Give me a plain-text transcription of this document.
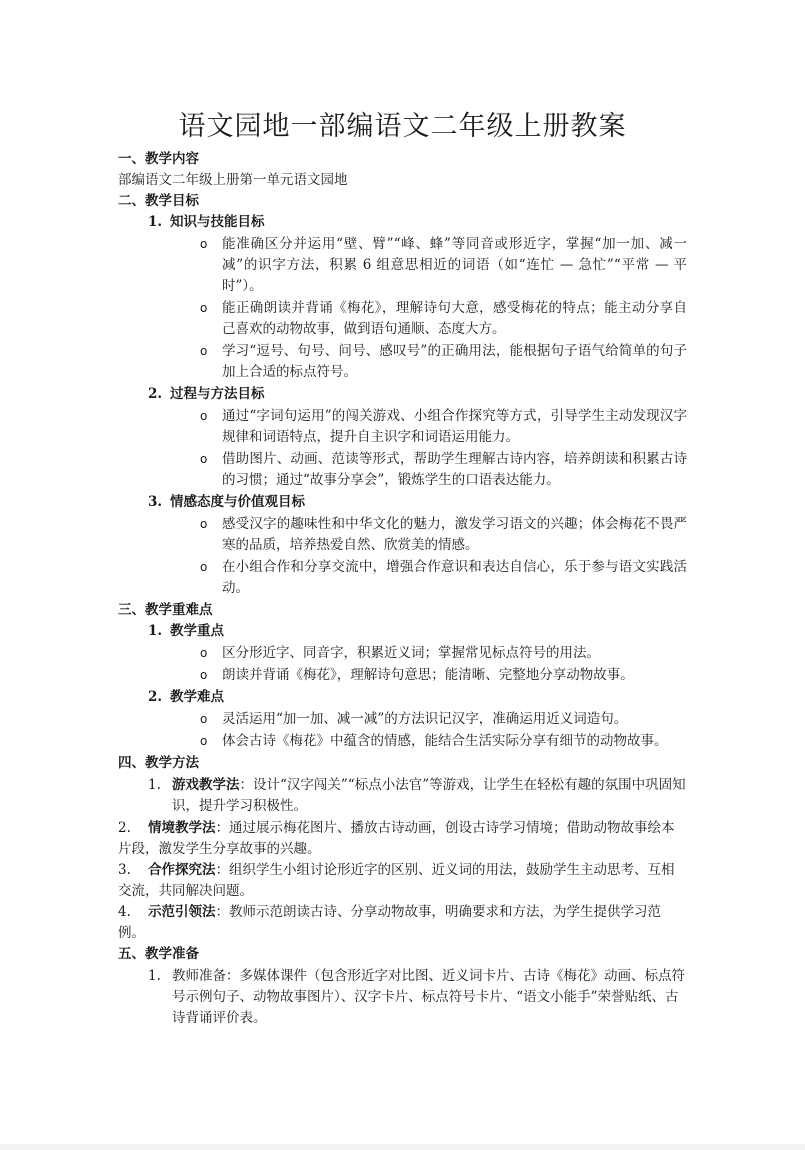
语文园地一部编语文二年级上册教案

一、教学内容

部编语文二年级上册第一单元语文园地

二、教学目标

1. 知识与技能目标
o 能准确区分并运用“壁、臂”“峰、蜂”等同音或形近字，掌握“加一加、减一减”的识字方法，积累 6 组意思相近的词语（如“连忙 — 急忙”“平常 — 平时”）。
o 能正确朗读并背诵《梅花》，理解诗句大意，感受梅花的特点；能主动分享自己喜欢的动物故事，做到语句通顺、态度大方。
o 学习“逗号、句号、问号、感叹号”的正确用法，能根据句子语气给简单的句子加上合适的标点符号。
2. 过程与方法目标
o 通过“字词句运用”的闯关游戏、小组合作探究等方式，引导学生主动发现汉字规律和词语特点，提升自主识字和词语运用能力。
o 借助图片、动画、范读等形式，帮助学生理解古诗内容，培养朗读和积累古诗的习惯；通过“故事分享会”，锻炼学生的口语表达能力。
3. 情感态度与价值观目标
o 感受汉字的趣味性和中华文化的魅力，激发学习语文的兴趣；体会梅花不畏严寒的品质，培养热爱自然、欣赏美的情感。
o 在小组合作和分享交流中，增强合作意识和表达自信心，乐于参与语文实践活动。

三、教学重难点

1. 教学重点
o 区分形近字、同音字，积累近义词；掌握常见标点符号的用法。
o 朗读并背诵《梅花》，理解诗句意思；能清晰、完整地分享动物故事。
2. 教学难点
o 灵活运用“加一加、减一减”的方法识记汉字，准确运用近义词造句。
o 体会古诗《梅花》中蕴含的情感，能结合生活实际分享有细节的动物故事。

四、教学方法

1. 游戏教学法：设计“汉字闯关”“标点小法官”等游戏，让学生在轻松有趣的氛围中巩固知识，提升学习积极性。

2. 情境教学法：通过展示梅花图片、播放古诗动画，创设古诗学习情境；借助动物故事绘本片段，激发学生分享故事的兴趣。

3. 合作探究法：组织学生小组讨论形近字的区别、近义词的用法，鼓励学生主动思考、互相交流，共同解决问题。

4. 示范引领法：教师示范朗读古诗、分享动物故事，明确要求和方法，为学生提供学习范例。

五、教学准备

1. 教师准备：多媒体课件（包含形近字对比图、近义词卡片、古诗《梅花》动画、标点符号示例句子、动物故事图片）、汉字卡片、标点符号卡片、“语文小能手”荣誉贴纸、古诗背诵评价表。
